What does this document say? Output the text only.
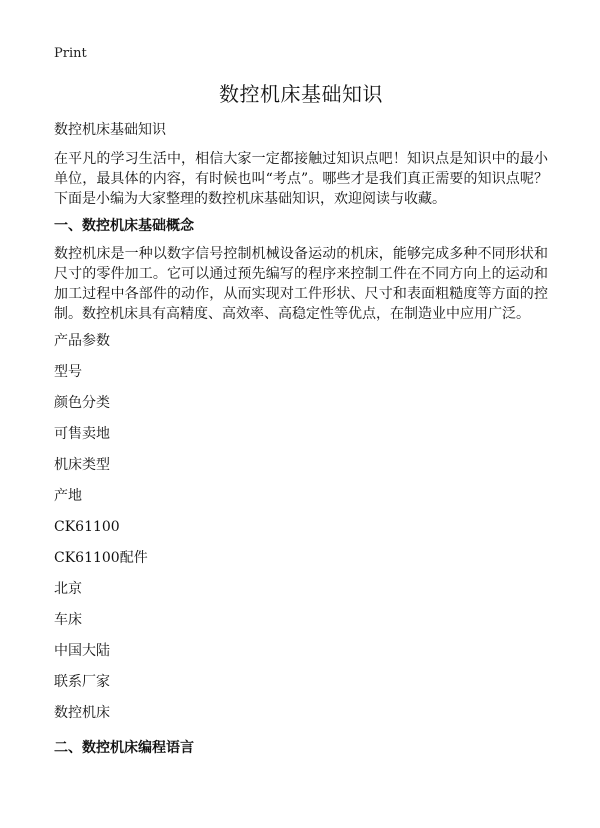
Print
数控机床基础知识
数控机床基础知识

在平凡的学习生活中，相信大家一定都接触过知识点吧！知识点是知识中的最小单位，最具体的内容，有时候也叫“考点”。哪些才是我们真正需要的知识点呢？下面是小编为大家整理的数控机床基础知识，欢迎阅读与收藏。

一、数控机床基础概念

数控机床是一种以数字信号控制机械设备运动的机床，能够完成多种不同形状和尺寸的零件加工。它可以通过预先编写的程序来控制工件在不同方向上的运动和加工过程中各部件的动作，从而实现对工件形状、尺寸和表面粗糙度等方面的控制。数控机床具有高精度、高效率、高稳定性等优点，在制造业中应用广泛。

产品参数
型号
颜色分类
可售卖地
机床类型
产地
CK61100
CK61100配件
北京
车床
中国大陆
联系厂家
数控机床
二、数控机床编程语言
